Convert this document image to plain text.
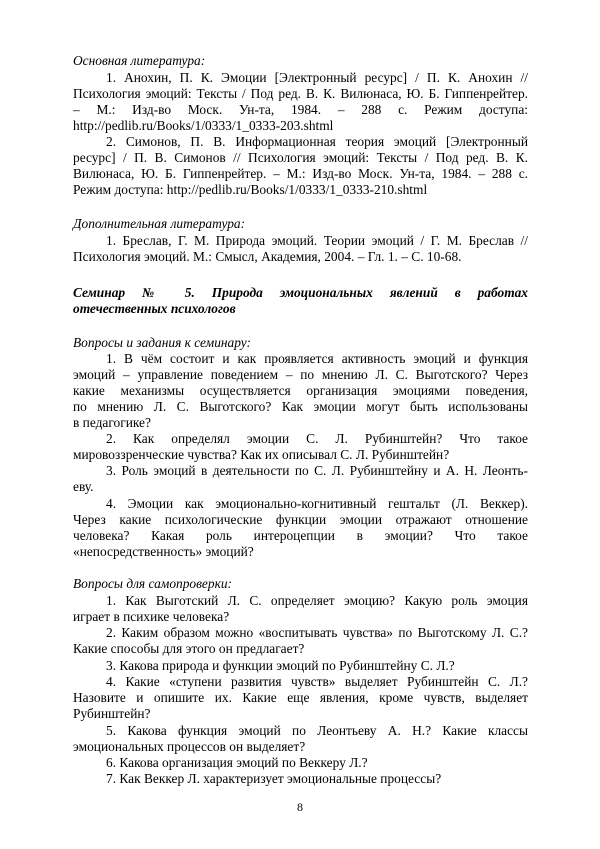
Основная литература:
1. Анохин, П. К. Эмоции [Электронный ресурс] / П. К. Анохин //
Психология эмоций: Тексты / Под ред. В. К. Вилюнаса, Ю. Б. Гиппенрейтер.
– М.: Изд-во Моск. Ун-та, 1984. – 288 с. Режим доступа:
http://pedlib.ru/Books/1/0333/1_0333-203.shtml
2. Симонов, П. В. Информационная теория эмоций [Электронный
ресурс] / П. В. Симонов // Психология эмоций: Тексты / Под ред. В. К.
Вилюнаса, Ю. Б. Гиппенрейтер. – М.: Изд-во Моск. Ун-та, 1984. – 288 с.
Режим доступа: http://pedlib.ru/Books/1/0333/1_0333-210.shtml
Дополнительная литература:
1. Бреслав, Г. М. Природа эмоций. Теории эмоций / Г. М. Бреслав //
Психология эмоций. М.: Смысл, Академия, 2004. – Гл. 1. – С. 10-68.
Семинар № 5. Природа эмоциональных явлений в работах
отечественных психологов
Вопросы и задания к семинару:
1. В чём состоит и как проявляется активность эмоций и функция
эмоций – управление поведением – по мнению Л. С. Выготского? Через
какие механизмы осуществляется организация эмоциями поведения,
по мнению Л. С. Выготского? Как эмоции могут быть использованы
в педагогике?
2. Как определял эмоции С. Л. Рубинштейн? Что такое
мировоззренческие чувства? Как их описывал С. Л. Рубинштейн?
3. Роль эмоций в деятельности по С. Л. Рубинштейну и А. Н. Леонть-
еву.
4. Эмоции как эмоционально-когнитивный гештальт (Л. Веккер).
Через какие психологические функции эмоции отражают отношение
человека? Какая роль интероцепции в эмоции? Что такое
«непосредственность» эмоций?
Вопросы для самопроверки:
1. Как Выготский Л. С. определяет эмоцию? Какую роль эмоция
играет в психике человека?
2. Каким образом можно «воспитывать чувства» по Выготскому Л. С.?
Какие способы для этого он предлагает?
3. Какова природа и функции эмоций по Рубинштейну С. Л.?
4. Какие «ступени развития чувств» выделяет Рубинштейн С. Л.?
Назовите и опишите их. Какие еще явления, кроме чувств, выделяет
Рубинштейн?
5. Какова функция эмоций по Леонтьеву А. Н.? Какие классы
эмоциональных процессов он выделяет?
6. Какова организация эмоций по Веккеру Л.?
7. Как Веккер Л. характеризует эмоциональные процессы?
8
